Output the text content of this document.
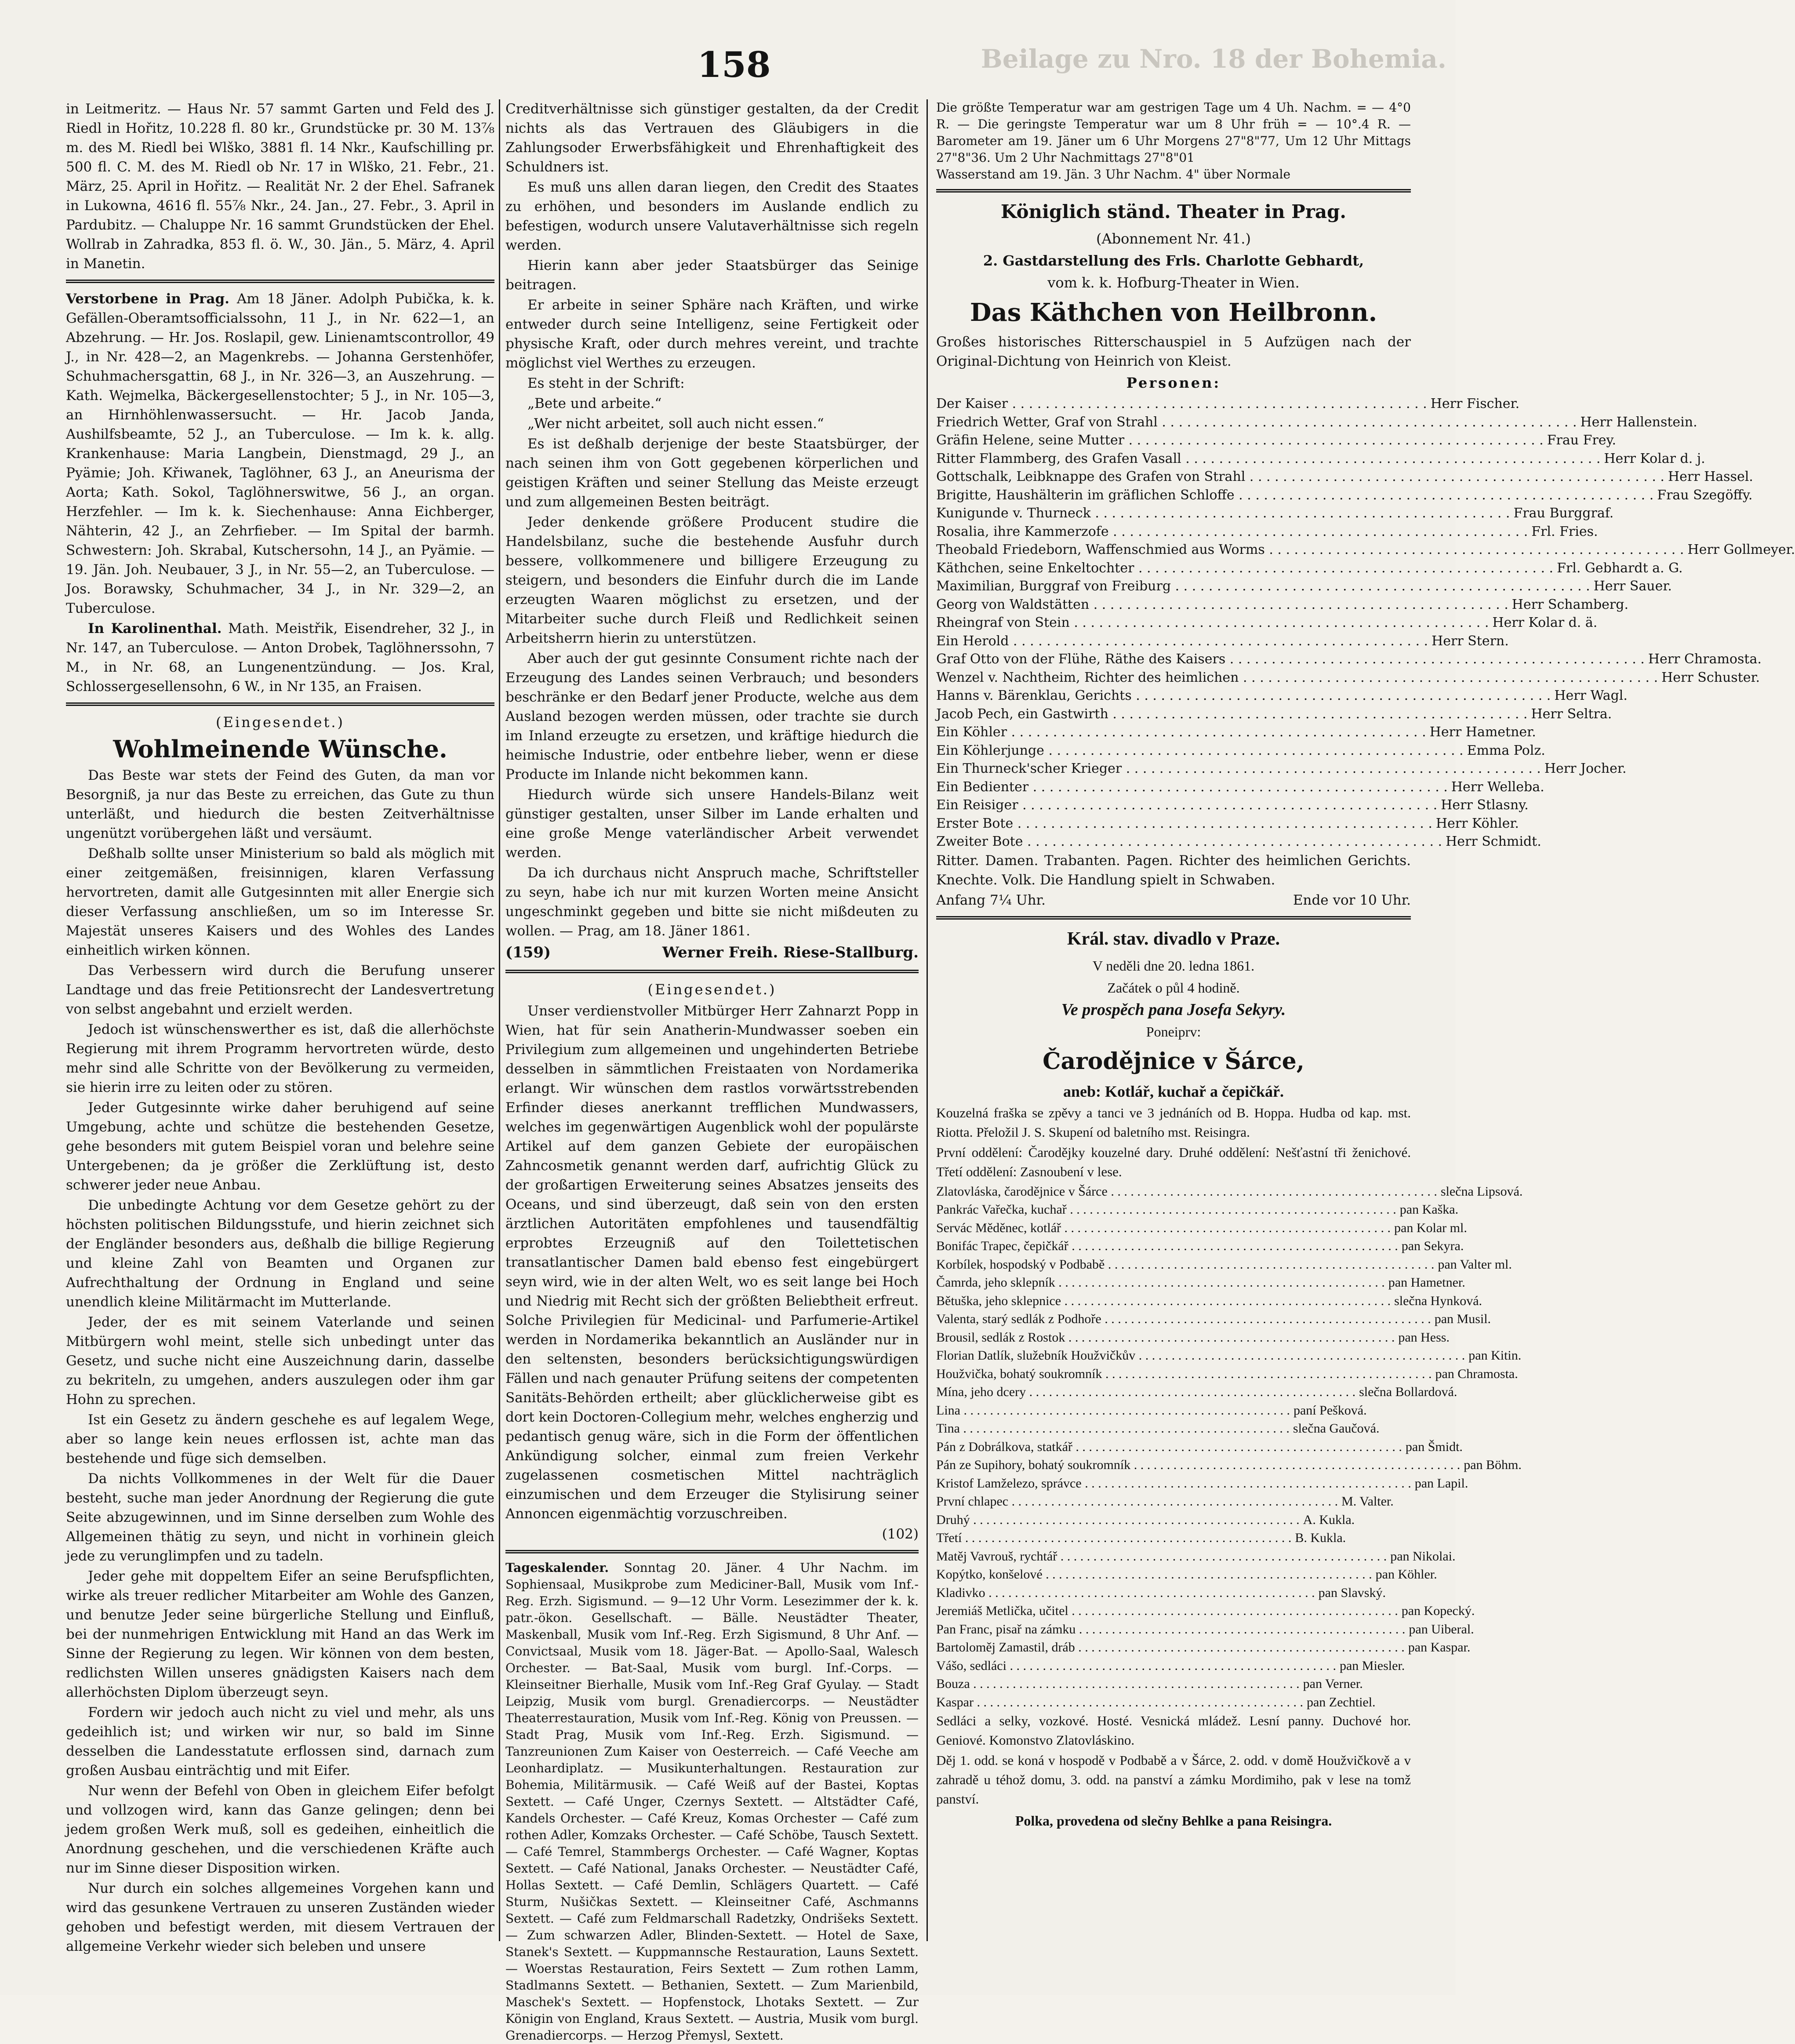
Beilage zu Nro. 18 der Bohemia.
158

in Leitmeritz. — Haus Nr. 57 sammt Garten und Feld des J. Riedl in Hořitz, 10.228 fl. 80 kr., Grundstücke pr. 30 M. 13⅞ m. des M. Riedl bei Wlško, 3881 fl. 14 Nkr., Kaufschilling pr. 500 fl. C. M. des M. Riedl ob Nr. 17 in Wlško, 21. Febr., 21. März, 25. April in Hořitz. — Realität Nr. 2 der Ehel. Safranek in Lukowna, 4616 fl. 55⅞ Nkr., 24. Jan., 27. Febr., 3. April in Pardubitz. — Chaluppe Nr. 16 sammt Grundstücken der Ehel. Wollrab in Zahradka, 853 fl. ö. W., 30. Jän., 5. März, 4. April in Manetin.

Verstorbene in Prag. Am 18 Jäner. Adolph Pubička, k. k. Gefällen-Oberamtsofficialssohn, 11 J., in Nr. 622—1, an Abzehrung. — Hr. Jos. Roslapil, gew. Linienamtscontrollor, 49 J., in Nr. 428—2, an Magenkrebs. — Johanna Gerstenhöfer, Schuhmachersgattin, 68 J., in Nr. 326—3, an Auszehrung. — Kath. Wejmelka, Bäckergesellenstochter; 5 J., in Nr. 105—3, an Hirnhöhlenwassersucht. — Hr. Jacob Janda, Aushilfsbeamte, 52 J., an Tuberculose. — Im k. k. allg. Krankenhause: Maria Langbein, Dienstmagd, 29 J., an Pyämie; Joh. Křiwanek, Taglöhner, 63 J., an Aneurisma der Aorta; Kath. Sokol, Taglöhnerswitwe, 56 J., an organ. Herzfehler. — Im k. k. Siechenhause: Anna Eichberger, Nähterin, 42 J., an Zehrfieber. — Im Spital der barmh. Schwestern: Joh. Skrabal, Kutschersohn, 14 J., an Pyämie. — 19. Jän. Joh. Neubauer, 3 J., in Nr. 55—2, an Tuberculose. — Jos. Borawsky, Schuhmacher, 34 J., in Nr. 329—2, an Tuberculose.

In Karolinenthal. Math. Meistřik, Eisendreher, 32 J., in Nr. 147, an Tuberculose. — Anton Drobek, Taglöhnerssohn, 7 M., in Nr. 68, an Lungenentzündung. — Jos. Kral, Schlossergesellensohn, 6 W., in Nr 135, an Fraisen.

(Eingesendet.)
Wohlmeinende Wünsche.

Das Beste war stets der Feind des Guten, da man vor Besorgniß, ja nur das Beste zu erreichen, das Gute zu thun unterläßt, und hiedurch die besten Zeitverhältnisse ungenützt vorübergehen läßt und versäumt.

Deßhalb sollte unser Ministerium so bald als möglich mit einer zeitgemäßen, freisinnigen, klaren Verfassung hervortreten, damit alle Gutgesinnten mit aller Energie sich dieser Verfassung anschließen, um so im Interesse Sr. Majestät unseres Kaisers und des Wohles des Landes einheitlich wirken können.

Das Verbessern wird durch die Berufung unserer Landtage und das freie Petitionsrecht der Landesvertretung von selbst angebahnt und erzielt werden.

Jedoch ist wünschenswerther es ist, daß die allerhöchste Regierung mit ihrem Programm hervortreten würde, desto mehr sind alle Schritte von der Bevölkerung zu vermeiden, sie hierin irre zu leiten oder zu stören.

Jeder Gutgesinnte wirke daher beruhigend auf seine Umgebung, achte und schütze die bestehenden Gesetze, gehe besonders mit gutem Beispiel voran und belehre seine Untergebenen; da je größer die Zerklüftung ist, desto schwerer jeder neue Anbau.

Die unbedingte Achtung vor dem Gesetze gehört zu der höchsten politischen Bildungsstufe, und hierin zeichnet sich der Engländer besonders aus, deßhalb die billige Regierung und kleine Zahl von Beamten und Organen zur Aufrechthaltung der Ordnung in England und seine unendlich kleine Militärmacht im Mutterlande.

Jeder, der es mit seinem Vaterlande und seinen Mitbürgern wohl meint, stelle sich unbedingt unter das Gesetz, und suche nicht eine Auszeichnung darin, dasselbe zu bekriteln, zu umgehen, anders auszulegen oder ihm gar Hohn zu sprechen.

Ist ein Gesetz zu ändern geschehe es auf legalem Wege, aber so lange kein neues erflossen ist, achte man das bestehende und füge sich demselben.

Da nichts Vollkommenes in der Welt für die Dauer besteht, suche man jeder Anordnung der Regierung die gute Seite abzugewinnen, und im Sinne derselben zum Wohle des Allgemeinen thätig zu seyn, und nicht in vorhinein gleich jede zu verunglimpfen und zu tadeln.

Jeder gehe mit doppeltem Eifer an seine Berufspflichten, wirke als treuer redlicher Mitarbeiter am Wohle des Ganzen, und benutze Jeder seine bürgerliche Stellung und Einfluß, bei der nunmehrigen Entwicklung mit Hand an das Werk im Sinne der Regierung zu legen. Wir können von dem besten, redlichsten Willen unseres gnädigsten Kaisers nach dem allerhöchsten Diplom überzeugt seyn.

Fordern wir jedoch auch nicht zu viel und mehr, als uns gedeihlich ist; und wirken wir nur, so bald im Sinne desselben die Landesstatute erflossen sind, darnach zum großen Ausbau einträchtig und mit Eifer.

Nur wenn der Befehl von Oben in gleichem Eifer befolgt und vollzogen wird, kann das Ganze gelingen; denn bei jedem großen Werk muß, soll es gedeihen, einheitlich die Anordnung geschehen, und die verschiedenen Kräfte auch nur im Sinne dieser Disposition wirken.

Nur durch ein solches allgemeines Vorgehen kann und wird das gesunkene Vertrauen zu unseren Zuständen wieder gehoben und befestigt werden, mit diesem Vertrauen der allgemeine Verkehr wieder sich beleben und unsere

Creditverhältnisse sich günstiger gestalten, da der Credit nichts als das Vertrauen des Gläubigers in die Zahlungsoder Erwerbsfähigkeit und Ehrenhaftigkeit des Schuldners ist.

Es muß uns allen daran liegen, den Credit des Staates zu erhöhen, und besonders im Auslande endlich zu befestigen, wodurch unsere Valutaverhältnisse sich regeln werden.

Hierin kann aber jeder Staatsbürger das Seinige beitragen.

Er arbeite in seiner Sphäre nach Kräften, und wirke entweder durch seine Intelligenz, seine Fertigkeit oder physische Kraft, oder durch mehres vereint, und trachte möglichst viel Werthes zu erzeugen.

Es steht in der Schrift:

„Bete und arbeite.“

„Wer nicht arbeitet, soll auch nicht essen.“

Es ist deßhalb derjenige der beste Staatsbürger, der nach seinen ihm von Gott gegebenen körperlichen und geistigen Kräften und seiner Stellung das Meiste erzeugt und zum allgemeinen Besten beiträgt.

Jeder denkende größere Producent studire die Handelsbilanz, suche die bestehende Ausfuhr durch bessere, vollkommenere und billigere Erzeugung zu steigern, und besonders die Einfuhr durch die im Lande erzeugten Waaren möglichst zu ersetzen, und der Mitarbeiter suche durch Fleiß und Redlichkeit seinen Arbeitsherrn hierin zu unterstützen.

Aber auch der gut gesinnte Consument richte nach der Erzeugung des Landes seinen Verbrauch; und besonders beschränke er den Bedarf jener Producte, welche aus dem Ausland bezogen werden müssen, oder trachte sie durch im Inland erzeugte zu ersetzen, und kräftige hiedurch die heimische Industrie, oder entbehre lieber, wenn er diese Producte im Inlande nicht bekommen kann.

Hiedurch würde sich unsere Handels-Bilanz weit günstiger gestalten, unser Silber im Lande erhalten und eine große Menge vaterländischer Arbeit verwendet werden.

Da ich durchaus nicht Anspruch mache, Schriftsteller zu seyn, habe ich nur mit kurzen Worten meine Ansicht ungeschminkt gegeben und bitte sie nicht mißdeuten zu wollen. — Prag, am 18. Jäner 1861.

(159)	Werner Freih. Riese-Stallburg.
(Eingesendet.)

Unser verdienstvoller Mitbürger Herr Zahnarzt Popp in Wien, hat für sein Anatherin-Mundwasser soeben ein Privilegium zum allgemeinen und ungehinderten Betriebe desselben in sämmtlichen Freistaaten von Nordamerika erlangt. Wir wünschen dem rastlos vorwärtsstrebenden Erfinder dieses anerkannt trefflichen Mundwassers, welches im gegenwärtigen Augenblick wohl der populärste Artikel auf dem ganzen Gebiete der europäischen Zahncosmetik genannt werden darf, aufrichtig Glück zu der großartigen Erweiterung seines Absatzes jenseits des Oceans, und sind überzeugt, daß sein von den ersten ärztlichen Autoritäten empfohlenes und tausendfältig erprobtes Erzeugniß auf den Toilettetischen transatlantischer Damen bald ebenso fest eingebürgert seyn wird, wie in der alten Welt, wo es seit lange bei Hoch und Niedrig mit Recht sich der größten Beliebtheit erfreut. Solche Privilegien für Medicinal- und Parfumerie-Artikel werden in Nordamerika bekanntlich an Ausländer nur in den seltensten, besonders berücksichtigungswürdigen Fällen und nach genauter Prüfung seitens der competenten Sanitäts-Behörden ertheilt; aber glücklicherweise gibt es dort kein Doctoren-Collegium mehr, welches engherzig und pedantisch genug wäre, sich in die Form der öffentlichen Ankündigung solcher, einmal zum freien Verkehr zugelassenen cosmetischen Mittel nachträglich einzumischen und dem Erzeuger die Stylisirung seiner Annoncen eigenmächtig vorzuschreiben.

(102)

Tageskalender. Sonntag 20. Jäner. 4 Uhr Nachm. im Sophiensaal, Musikprobe zum Mediciner-Ball, Musik vom Inf.-Reg. Erzh. Sigismund. — 9—12 Uhr Vorm. Lesezimmer der k. k. patr.-ökon. Gesellschaft. — Bälle. Neustädter Theater, Maskenball, Musik vom Inf.-Reg. Erzh Sigismund, 8 Uhr Anf. — Convictsaal, Musik vom 18. Jäger-Bat. — Apollo-Saal, Walesch Orchester. — Bat-Saal, Musik vom burgl. Inf.-Corps. — Kleinseitner Bierhalle, Musik vom Inf.-Reg Graf Gyulay. — Stadt Leipzig, Musik vom burgl. Grenadiercorps. — Neustädter Theaterrestauration, Musik vom Inf.-Reg. König von Preussen. — Stadt Prag, Musik vom Inf.-Reg. Erzh. Sigismund. — Tanzreunionen Zum Kaiser von Oesterreich. — Café Veeche am Leonhardiplatz. — Musikunterhaltungen. Restauration zur Bohemia, Militärmusik. — Café Weiß auf der Bastei, Koptas Sextett. — Café Unger, Czernys Sextett. — Altstädter Café, Kandels Orchester. — Café Kreuz, Komas Orchester — Café zum rothen Adler, Komzaks Orchester. — Café Schöbe, Tausch Sextett. — Café Temrel, Stammbergs Orchester. — Café Wagner, Koptas Sextett. — Café National, Janaks Orchester. — Neustädter Café, Hollas Sextett. — Café Demlin, Schlägers Quartett. — Café Sturm, Nušičkas Sextett. — Kleinseitner Café, Aschmanns Sextett. — Café zum Feldmarschall Radetzky, Ondrišeks Sextett. — Zum schwarzen Adler, Blinden-Sextett. — Hotel de Saxe, Stanek's Sextett. — Kuppmannsche Restauration, Launs Sextett. — Woerstas Restauration, Feirs Sextett — Zum rothen Lamm, Stadlmanns Sextett. — Bethanien, Sextett. — Zum Marienbild, Maschek's Sextett. — Hopfenstock, Lhotaks Sextett. — Zur Königin von England, Kraus Sextett. — Austria, Musik vom burgl. Grenadiercorps. — Herzog Přemysl, Sextett.

Die größte Temperatur war am gestrigen Tage um 4 Uh. Nachm. = — 4°0 R. — Die geringste Temperatur war um 8 Uhr früh = — 10°.4 R. — Barometer am 19. Jäner um 6 Uhr Morgens 27"8"77, Um 12 Uhr Mittags 27"8"36. Um 2 Uhr Nachmittags 27"8"01

Wasserstand am 19. Jän. 3 Uhr Nachm. 4" über Normale

Königlich ständ. Theater in Prag.
(Abonnement Nr. 41.)
2. Gastdarstellung des Frls. Charlotte Gebhardt,
vom k. k. Hofburg-Theater in Wien.
Das Käthchen von Heilbronn.

Großes historisches Ritterschauspiel in 5 Aufzügen nach der Original-Dichtung von Heinrich von Kleist.

Personen:
Der Kaiser . . .	Herr Fischer.
Friedrich Wetter, Graf von Strahl . . .	Herr Hallenstein.
Gräfin Helene, seine Mutter . . .	Frau Frey.
Ritter Flammberg, des Grafen Vasall . . .	Herr Kolar d. j.
Gottschalk, Leibknappe des Grafen von Strahl . . .	Herr Hassel.
Brigitte, Haushälterin im gräflichen Schloffe . . .	Frau Szegöffy.
Kunigunde v. Thurneck . . .	Frau Burggraf.
Rosalia, ihre Kammerzofe . . .	Frl. Fries.
Theobald Friedeborn, Waffenschmied aus Worms . . .	Herr Gollmeyer.
Käthchen, seine Enkeltochter . . .	Frl. Gebhardt a. G.
Maximilian, Burggraf von Freiburg . . .	Herr Sauer.
Georg von Waldstätten . . .	Herr Schamberg.
Rheingraf von Stein . . .	Herr Kolar d. ä.
Ein Herold . . .	Herr Stern.
Graf Otto von der Flühe, Räthe des Kaisers . . .	Herr Chramosta.
Wenzel v. Nachtheim, Richter des heimlichen . . .	Herr Schuster.
Hanns v. Bärenklau, Gerichts . . .	Herr Wagl.
Jacob Pech, ein Gastwirth . . .	Herr Seltra.
Ein Köhler . . .	Herr Hametner.
Ein Köhlerjunge . . .	Emma Polz.
Ein Thurneck'scher Krieger . . .	Herr Jocher.
Ein Bedienter . . .	Herr Welleba.
Ein Reisiger . . .	Herr Stlasny.
Erster Bote . . .	Herr Köhler.
Zweiter Bote . . .	Herr Schmidt.

Ritter. Damen. Trabanten. Pagen. Richter des heimlichen Gerichts. Knechte. Volk. Die Handlung spielt in Schwaben.

Anfang 7¼ Uhr.	Ende vor 10 Uhr.
Král. stav. divadlo v Praze.
V neděli dne 20. ledna 1861.
Začátek o půl 4 hodině.
Ve prospěch pana Josefa Sekyry.
Poneiprv:
Čarodějnice v Šárce,
aneb: Kotlář, kuchař a čepičkář.

Kouzelná fraška se zpěvy a tanci ve 3 jednáních od B. Hoppa. Hudba od kap. mst. Riotta. Přeložil J. S. Skupení od baletního mst. Reisingra.

První oddělení: Čarodějky kouzelné dary. Druhé oddělení: Nešťastní tři ženichové. Třetí oddělení: Zasnoubení v lese.

Zlatovláska, čarodějnice v Šárce . . .	slečna Lipsová.
Pankrác Vařečka, kuchař . . .	pan Kaška.
Servác Měděnec, kotlář . . .	pan Kolar ml.
Bonifác Trapec, čepičkář . . .	pan Sekyra.
Korbílek, hospodský v Podbabě . . .	pan Valter ml.
Čamrda, jeho sklepník . . .	pan Hametner.
Bětuška, jeho sklepnice . . .	slečna Hynková.
Valenta, starý sedlák z Podhoře . . .	pan Musil.
Brousil, sedlák z Rostok . . .	pan Hess.
Florian Datlík, služebník Houžvičkův . . .	pan Kitin.
Houžvička, bohatý soukromník . . .	pan Chramosta.
Mína, jeho dcery . . .	slečna Bollardová.
Lina . . .	paní Pešková.
Tina . . .	slečna Gaučová.
Pán z Dobrálkova, statkář . . .	pan Šmidt.
Pán ze Supihory, bohatý soukromník . . .	pan Böhm.
Kristof Lamželezo, správce . . .	pan Lapil.
První chlapec . . .	M. Valter.
Druhý . . .	A. Kukla.
Třetí . . .	B. Kukla.
Matěj Vavrouš, rychtář . . .	pan Nikolai.
Kopýtko, konšelové . . .	pan Köhler.
Kladivko . . .	pan Slavský.
Jeremiáš Metlička, učitel . . .	pan Kopecký.
Pan Franc, pisař na zámku . . .	pan Uiberal.
Bartoloměj Zamastil, dráb . . .	pan Kaspar.
Vášo, sedláci . . .	pan Miesler.
Bouza . . .	pan Verner.
Kaspar . . .	pan Zechtiel.

Sedláci a selky, vozkové. Hosté. Vesnická mládež. Lesní panny. Duchové hor. Geniové. Komonstvo Zlatovláskino.

Děj 1. odd. se koná v hospodě v Podbabě a v Šárce, 2. odd. v domě Houžvičkově a v zahradě u téhož domu, 3. odd. na panství a zámku Mordimiho, pak v lese na tomž panství.

Polka, provedena od slečny Behlke a pana Reisingra.
